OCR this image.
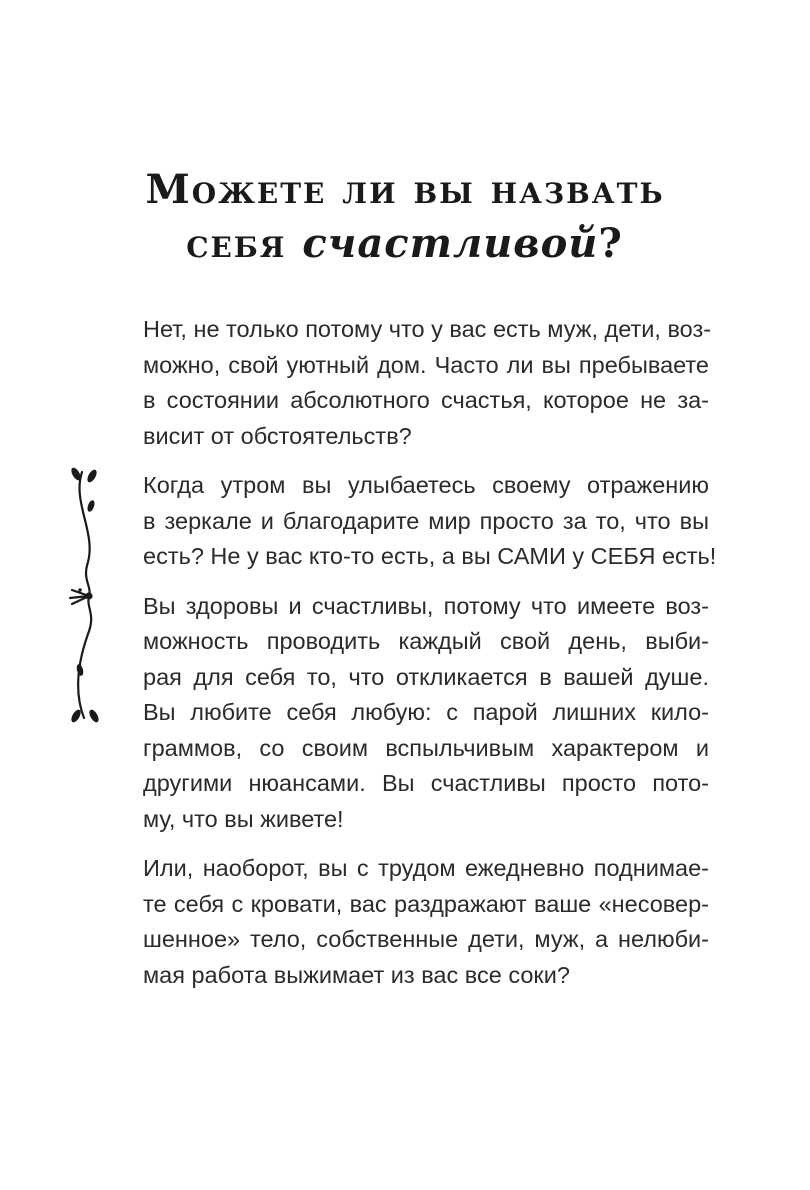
Можете ли вы назвать
себя счастливой?
Нет, не только потому что у вас есть муж, дети, воз-
можно, свой уютный дом. Часто ли вы пребываете
в состоянии абсолютного счастья, которое не за-
висит от обстоятельств?
Когда утром вы улыбаетесь своему отражению
в зеркале и благодарите мир просто за то, что вы
есть? Не у вас кто-то есть, а вы САМИ у СЕБЯ есть!
Вы здоровы и счастливы, потому что имеете воз-
можность проводить каждый свой день, выби-
рая для себя то, что откликается в вашей душе.
Вы любите себя любую: с парой лишних кило-
граммов, со своим вспыльчивым характером и
другими нюансами. Вы счастливы просто пото-
му, что вы живете!
Или, наоборот, вы с трудом ежедневно поднимае-
те себя с кровати, вас раздражают ваше «несовер-
шенное» тело, собственные дети, муж, а нелюби-
мая работа выжимает из вас все соки?
